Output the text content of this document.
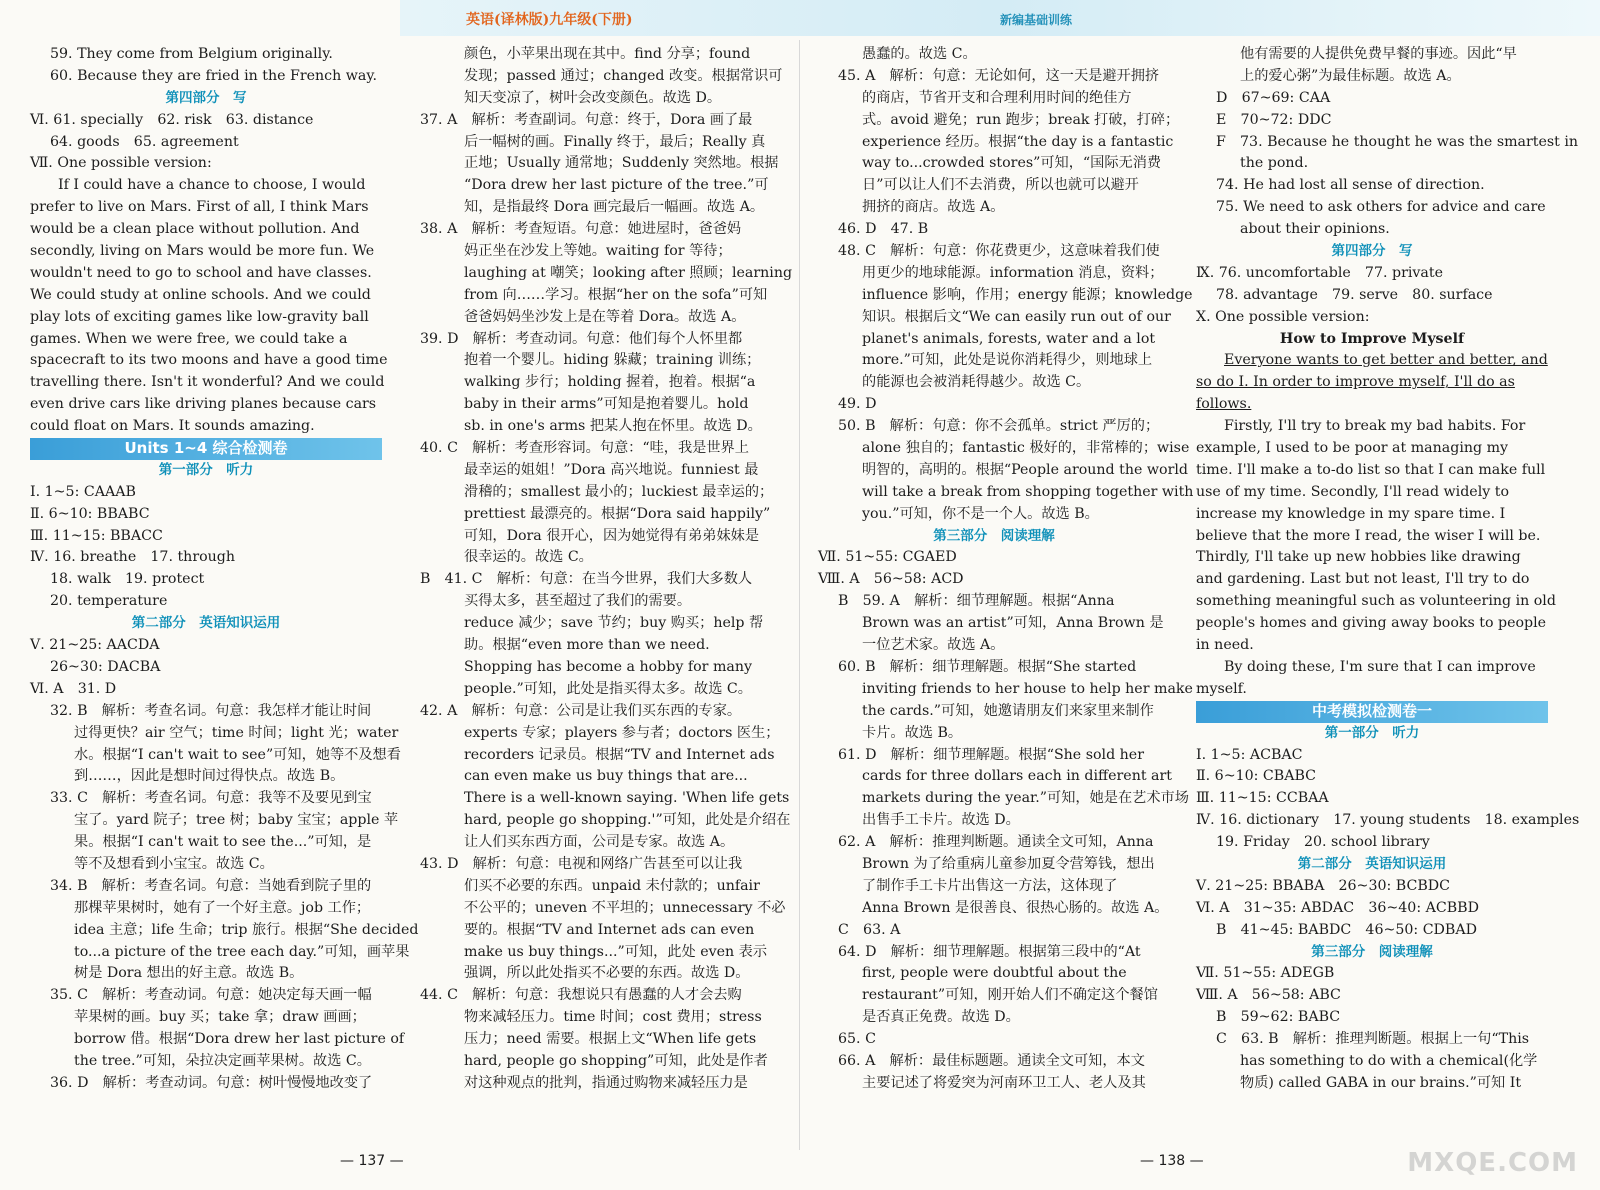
英语(译林版)九年级(下册)	新编基础训练
59. They come from Belgium originally.
60. Because they are fried in the French way.
第四部分　写
Ⅵ. 61. specially　62. risk　63. distance
64. goods　65. agreement
Ⅶ. One possible version:
If I could have a chance to choose, I would
prefer to live on Mars. First of all, I think Mars
would be a clean place without pollution. And
secondly, living on Mars would be more fun. We
wouldn't need to go to school and have classes.
We could study at online schools. And we could
play lots of exciting games like low-gravity ball
games. When we were free, we could take a
spacecraft to its two moons and have a good time
travelling there. Isn't it wonderful? And we could
even drive cars like driving planes because cars
could float on Mars. It sounds amazing.
Units 1~4 综合检测卷
第一部分　听力
Ⅰ. 1~5: CAAAB
Ⅱ. 6~10: BBABC
Ⅲ. 11~15: BBACC
Ⅳ. 16. breathe　17. through
18. walk　19. protect
20. temperature
第二部分　英语知识运用
Ⅴ. 21~25: AACDA
26~30: DACBA
Ⅵ. A　31. D
32. B　解析：考查名词。句意：我怎样才能让时间
过得更快？air 空气；time 时间；light 光；water
水。根据“I can't wait to see”可知，她等不及想看
到……，因此是想时间过得快点。故选 B。
33. C　解析：考查名词。句意：我等不及要见到宝
宝了。yard 院子；tree 树；baby 宝宝；apple 苹
果。根据“I can't wait to see the...”可知，是
等不及想看到小宝宝。故选 C。
34. B　解析：考查名词。句意：当她看到院子里的
那棵苹果树时，她有了一个好主意。job 工作；
idea 主意；life 生命；trip 旅行。根据“She decided
to...a picture of the tree each day.”可知，画苹果
树是 Dora 想出的好主意。故选 B。
35. C　解析：考查动词。句意：她决定每天画一幅
苹果树的画。buy 买；take 拿；draw 画画；
borrow 借。根据“Dora drew her last picture of
the tree.”可知，朵拉决定画苹果树。故选 C。
36. D　解析：考查动词。句意：树叶慢慢地改变了
颜色，小苹果出现在其中。find 分享；found
发现；passed 通过；changed 改变。根据常识可
知天变凉了，树叶会改变颜色。故选 D。
37. A　解析：考查副词。句意：终于，Dora 画了最
后一幅树的画。Finally 终于，最后；Really 真
正地；Usually 通常地；Suddenly 突然地。根据
“Dora drew her last picture of the tree.”可
知，是指最终 Dora 画完最后一幅画。故选 A。
38. A　解析：考查短语。句意：她进屋时，爸爸妈
妈正坐在沙发上等她。waiting for 等待；
laughing at 嘲笑；looking after 照顾；learning
from 向……学习。根据“her on the sofa”可知
爸爸妈妈坐沙发上是在等着 Dora。故选 A。
39. D　解析：考查动词。句意：他们每个人怀里都
抱着一个婴儿。hiding 躲藏；training 训练；
walking 步行；holding 握着，抱着。根据“a
baby in their arms”可知是抱着婴儿。hold
sb. in one's arms 把某人抱在怀里。故选 D。
40. C　解析：考查形容词。句意：“哇，我是世界上
最幸运的姐姐！”Dora 高兴地说。funniest 最
滑稽的；smallest 最小的；luckiest 最幸运的；
prettiest 最漂亮的。根据“Dora said happily”
可知，Dora 很开心，因为她觉得有弟弟妹妹是
很幸运的。故选 C。
B　41. C　解析：句意：在当今世界，我们大多数人
买得太多，甚至超过了我们的需要。
reduce 减少；save 节约；buy 购买；help 帮
助。根据“even more than we need.
Shopping has become a hobby for many
people.”可知，此处是指买得太多。故选 C。
42. A　解析：句意：公司是让我们买东西的专家。
experts 专家；players 参与者；doctors 医生；
recorders 记录员。根据“TV and Internet ads
can even make us buy things that are...
There is a well-known saying. 'When life gets
hard, people go shopping.'”可知，此处是介绍在
让人们买东西方面，公司是专家。故选 A。
43. D　解析：句意：电视和网络广告甚至可以让我
们买不必要的东西。unpaid 未付款的；unfair
不公平的；uneven 不平坦的；unnecessary 不必
要的。根据“TV and Internet ads can even
make us buy things...”可知，此处 even 表示
强调，所以此处指买不必要的东西。故选 D。
44. C　解析：句意：我想说只有愚蠢的人才会去购
物来减轻压力。time 时间；cost 费用；stress
压力；need 需要。根据上文“When life gets
hard, people go shopping”可知，此处是作者
对这种观点的批判，指通过购物来减轻压力是
愚蠢的。故选 C。
45. A　解析：句意：无论如何，这一天是避开拥挤
的商店，节省开支和合理利用时间的绝佳方
式。avoid 避免；run 跑步；break 打破，打碎；
experience 经历。根据“the day is a fantastic
way to...crowded stores”可知，“国际无消费
日”可以让人们不去消费，所以也就可以避开
拥挤的商店。故选 A。
46. D　47. B
48. C　解析：句意：你花费更少，这意味着我们使
用更少的地球能源。information 消息，资料；
influence 影响，作用；energy 能源；knowledge
知识。根据后文“We can easily run out of our
planet's animals, forests, water and a lot
more.”可知，此处是说你消耗得少，则地球上
的能源也会被消耗得越少。故选 C。
49. D
50. B　解析：句意：你不会孤单。strict 严厉的；
alone 独自的；fantastic 极好的，非常棒的；wise
明智的，高明的。根据“People around the world
will take a break from shopping together with
you.”可知，你不是一个人。故选 B。
第三部分　阅读理解
Ⅶ. 51~55: CGAED
Ⅷ. A　56~58: ACD
B　59. A　解析：细节理解题。根据“Anna
Brown was an artist”可知，Anna Brown 是
一位艺术家。故选 A。
60. B　解析：细节理解题。根据“She started
inviting friends to her house to help her make
the cards.”可知，她邀请朋友们来家里来制作
卡片。故选 B。
61. D　解析：细节理解题。根据“She sold her
cards for three dollars each in different art
markets during the year.”可知，她是在艺术市场
出售手工卡片。故选 D。
62. A　解析：推理判断题。通读全文可知，Anna
Brown 为了给重病儿童参加夏令营筹钱，想出
了制作手工卡片出售这一方法，这体现了
Anna Brown 是很善良、很热心肠的。故选 A。
C　63. A
64. D　解析：细节理解题。根据第三段中的“At
first, people were doubtful about the
restaurant”可知，刚开始人们不确定这个餐馆
是否真正免费。故选 D。
65. C
66. A　解析：最佳标题题。通读全文可知，本文
主要记述了将爱突为河南环卫工人、老人及其
他有需要的人提供免费早餐的事迹。因此“早
上的爱心粥”为最佳标题。故选 A。
D　67~69: CAA
E　70~72: DDC
F　73. Because he thought he was the smartest in
the pond.
74. He had lost all sense of direction.
75. We need to ask others for advice and care
about their opinions.
第四部分　写
Ⅸ. 76. uncomfortable　77. private
78. advantage　79. serve　80. surface
Ⅹ. One possible version:
How to Improve Myself
Everyone wants to get better and better, and
so do I. In order to improve myself, I'll do as
follows.
Firstly, I'll try to break my bad habits. For
example, I used to be poor at managing my
time. I'll make a to-do list so that I can make full
use of my time. Secondly, I'll read widely to
increase my knowledge in my spare time. I
believe that the more I read, the wiser I will be.
Thirdly, I'll take up new hobbies like drawing
and gardening. Last but not least, I'll try to do
something meaningful such as volunteering in old
people's homes and giving away books to people
in need.
By doing these, I'm sure that I can improve
myself.
中考模拟检测卷一
第一部分　听力
Ⅰ. 1~5: ACBAC
Ⅱ. 6~10: CBABC
Ⅲ. 11~15: CCBAA
Ⅳ. 16. dictionary　17. young students　18. examples
19. Friday　20. school library
第二部分　英语知识运用
Ⅴ. 21~25: BBABA　26~30: BCBDC
Ⅵ. A　31~35: ABDAC　36~40: ACBBD
B　41~45: BABDC　46~50: CDBAD
第三部分　阅读理解
Ⅶ. 51~55: ADEGB
Ⅷ. A　56~58: ABC
B　59~62: BABC
C　63. B　解析：推理判断题。根据上一句“This
has something to do with a chemical(化学
物质) called GABA in our brains.”可知 It
— 137 —	— 138 —	MXQE.COM
